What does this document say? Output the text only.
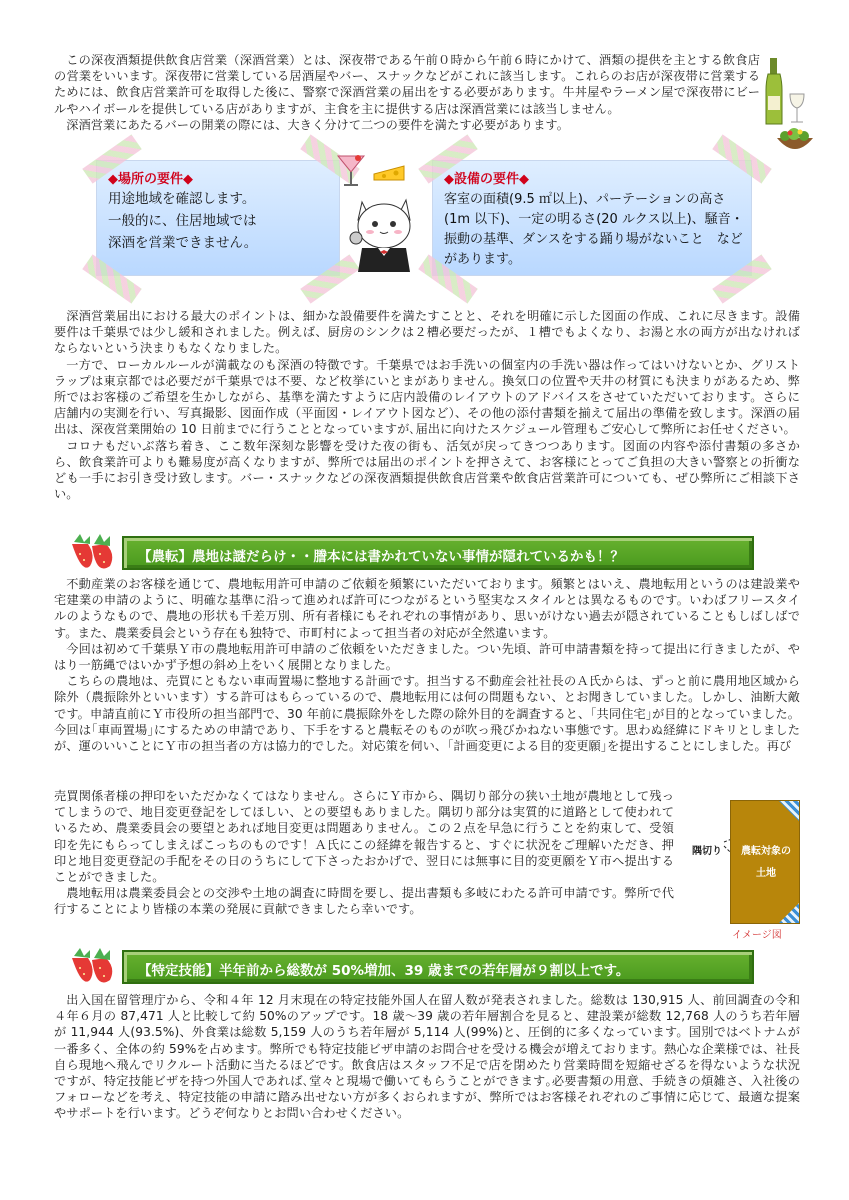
この深夜酒類提供飲食店営業（深酒営業）とは、深夜帯である午前０時から午前６時にかけて、酒類の提供を主とする飲食店の営業をいいます。深夜帯に営業している居酒屋やバー、スナックなどがこれに該当します。これらのお店が深夜帯に営業するためには、飲食店営業許可を取得した後に、警察で深酒営業の届出をする必要があります。牛丼屋やラーメン屋で深夜帯にビールやハイボールを提供している店がありますが、主食を主に提供する店は深酒営業には該当しません。

深酒営業にあたるバーの開業の際には、大きく分けて二つの要件を満たす必要があります。

◆場所の要件◆
用途地域を確認します。
一般的に、住居地域では
深酒を営業できません。
◆設備の要件◆
客室の面積(9.5 ㎡以上)、パーテーションの高さ(1m 以下)、一定の明るさ(20 ルクス以上)、騒音・振動の基準、ダンスをする踊り場がないこと　などがあります。

深酒営業届出における最大のポイントは、細かな設備要件を満たすことと、それを明確に示した図面の作成、これに尽きます。設備要件は千葉県では少し緩和されました。例えば、厨房のシンクは２槽必要だったが、１槽でもよくなり、お湯と水の両方が出なければならないという決まりもなくなりました。

一方で、ローカルルールが満載なのも深酒の特徴です。千葉県ではお手洗いの個室内の手洗い器は作ってはいけないとか、グリストラップは東京都では必要だが千葉県では不要、など枚挙にいとまがありません。換気口の位置や天井の材質にも決まりがあるため、弊所ではお客様のご希望を生かしながら、基準を満たすように店内設備のレイアウトのアドバイスをさせていただいております。さらに店舗内の実測を行い、写真撮影、図面作成（平面図・レイアウト図など）、その他の添付書類を揃えて届出の準備を致します。深酒の届出は、深夜営業開始の 10 日前までに行うこととなっていますが､届出に向けたスケジュール管理もご安心して弊所にお任せください。

コロナもだいぶ落ち着き、ここ数年深刻な影響を受けた夜の街も、活気が戻ってきつつあります。図面の内容や添付書類の多さから、飲食業許可よりも難易度が高くなりますが、弊所では届出のポイントを押さえて、お客様にとってご負担の大きい警察との折衝なども一手にお引き受け致します。バー・スナックなどの深夜酒類提供飲食店営業や飲食店営業許可についても、ぜひ弊所にご相談下さい。

【農転】農地は謎だらけ・・謄本には書かれていない事情が隠れているかも！？

不動産業のお客様を通じて、農地転用許可申請のご依頼を頻繁にいただいております。頻繁とはいえ、農地転用というのは建設業や宅建業の申請のように、明確な基準に沿って進めれば許可につながるという堅実なスタイルとは異なるものです。いわばフリースタイルのようなもので、農地の形状も千差万別、所有者様にもそれぞれの事情があり、思いがけない過去が隠されていることもしばしばです。また、農業委員会という存在も独特で、市町村によって担当者の対応が全然違います。

今回は初めて千葉県Ｙ市の農地転用許可申請のご依頼をいただきました。つい先頃、許可申請書類を持って提出に行きましたが、やはり一筋縄ではいかず予想の斜め上をいく展開となりました。

こちらの農地は、売買にともない車両置場に整地する計画です。担当する不動産会社社長のＡ氏からは、ずっと前に農用地区域から除外（農振除外といいます）する許可はもらっているので、農地転用には何の問題もない、とお聞きしていました。しかし、油断大敵です。申請直前にＹ市役所の担当部門で、30 年前に農振除外をした際の除外目的を調査すると、｢共同住宅｣が目的となっていました。今回は｢車両置場｣にするための申請であり、下手をすると農転そのものが吹っ飛びかねない事態です。思わぬ経緯にドキリとしましたが、運のいいことにＹ市の担当者の方は協力的でした。対応策を伺い、｢計画変更による目的変更願｣を提出することにしました。再び

売買関係者様の押印をいただかなくてはなりません。さらにＹ市から、隅切り部分の狭い土地が農地として残ってしまうので、地目変更登記をしてほしい、との要望もありました。隅切り部分は実質的に道路として使われているため、農業委員会の要望とあれば地目変更は問題ありません。この２点を早急に行うことを約束して、受領印を先にもらってしまえばこっちのものです！Ａ氏にこの経緯を報告すると、すぐに状況をご理解いただき、押印と地目変更登記の手配をその日のうちにして下さったおかげで、翌日には無事に目的変更願をＹ市へ提出することができました。

農地転用は農業委員会との交渉や土地の調査に時間を要し、提出書類も多岐にわたる許可申請です。弊所で代行することにより皆様の本業の発展に貢献できましたら幸いです。

隅切り	農転対象の
土地
イメージ図
【特定技能】半年前から総数が 50%増加、39 歳までの若年層が９割以上です。

出入国在留管理庁から、令和４年 12 月末現在の特定技能外国人在留人数が発表されました。総数は 130,915 人、前回調査の令和４年６月の 87,471 人と比較して約 50%のアップです。18 歳～39 歳の若年層割合を見ると、建設業が総数 12,768 人のうち若年層が 11,944 人(93.5%)、外食業は総数 5,159 人のうち若年層が 5,114 人(99%)と、圧倒的に多くなっています。国別ではベトナムが一番多く、全体の約 59%を占めます。弊所でも特定技能ビザ申請のお問合せを受ける機会が増えております。熱心な企業様では、社長自ら現地へ飛んでリクルート活動に当たるほどです。飲食店はスタッフ不足で店を閉めたり営業時間を短縮せざるを得ないような状況ですが、特定技能ビザを持つ外国人であれば､堂々と現場で働いてもらうことができます｡必要書類の用意、手続きの煩雑さ、入社後のフォローなどを考え、特定技能の申請に踏み出せない方が多くおられますが、弊所ではお客様それぞれのご事情に応じて、最適な提案やサポートを行います。どうぞ何なりとお問い合わせください。
